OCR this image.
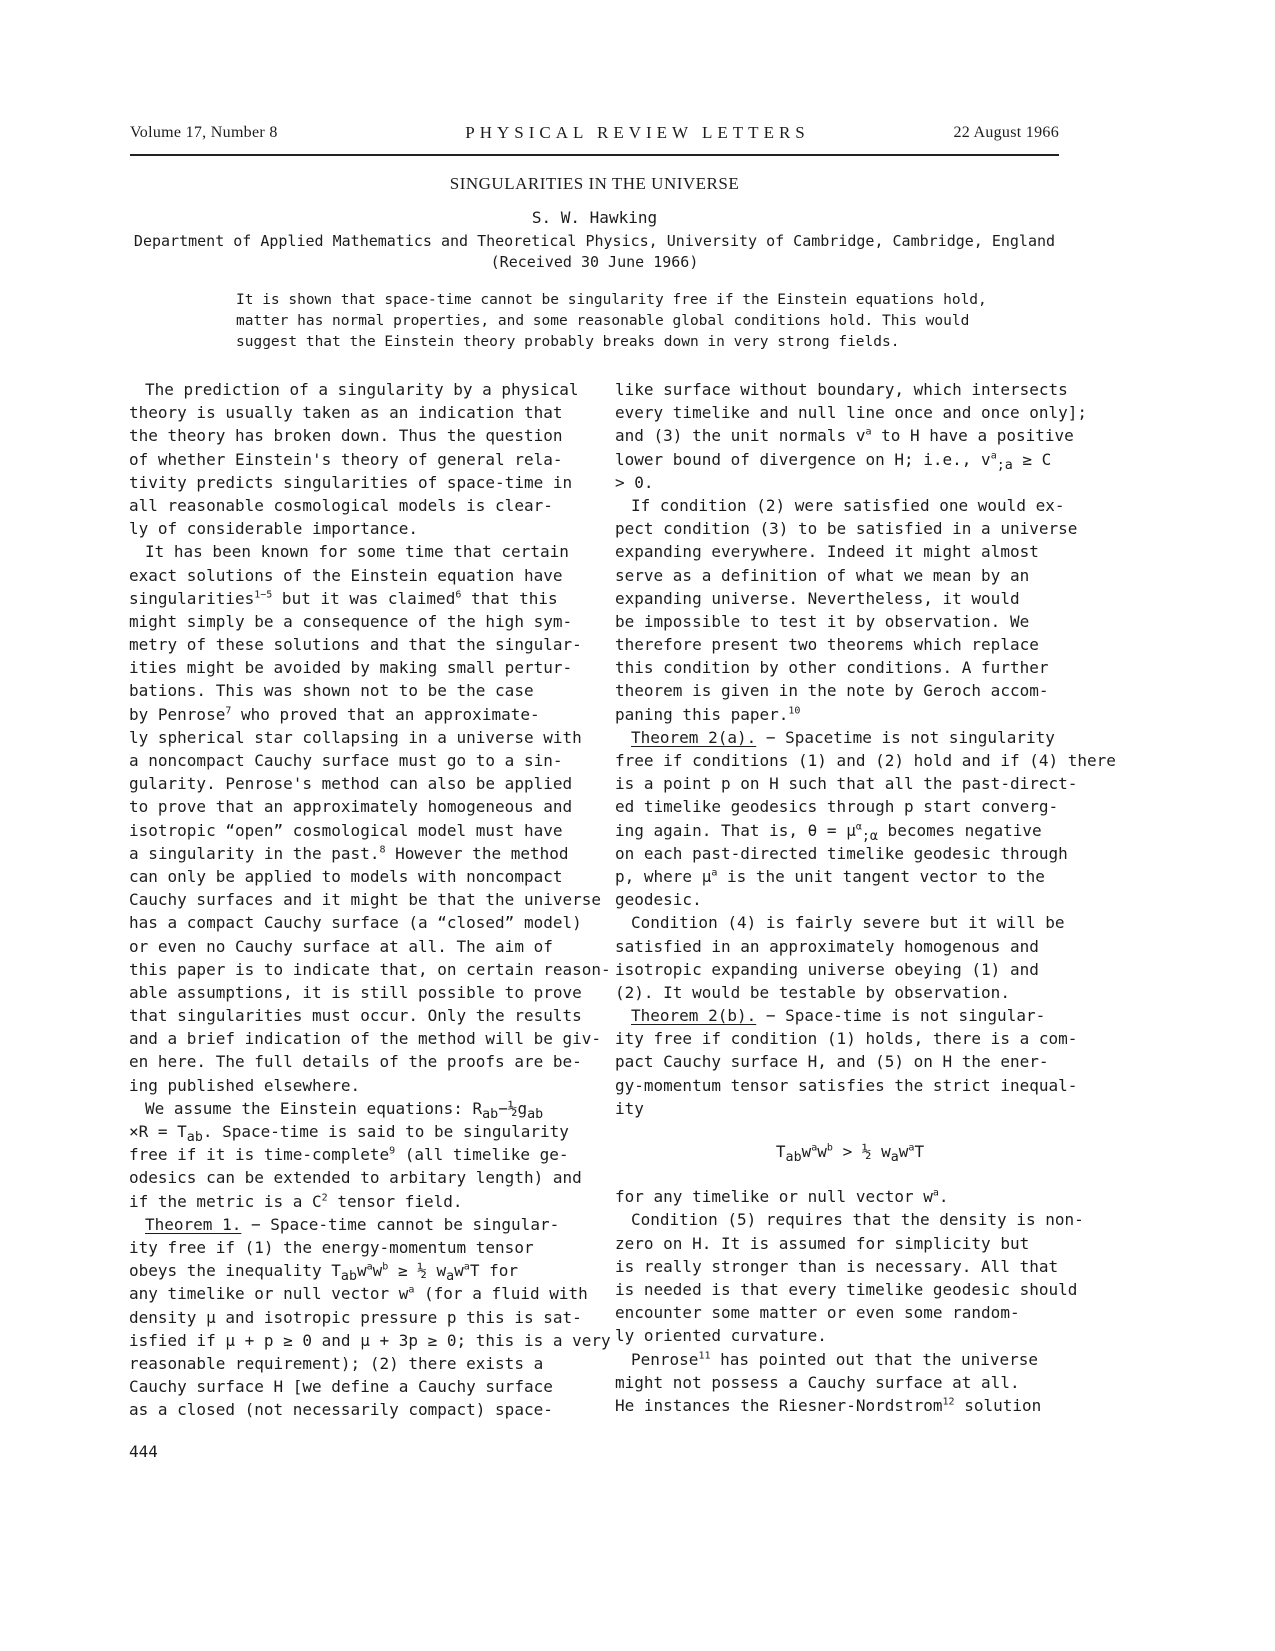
Volume 17, Number 8	PHYSICAL REVIEW LETTERS	22 August 1966
SINGULARITIES IN THE UNIVERSE
S. W. Hawking
Department of Applied Mathematics and Theoretical Physics, University of Cambridge, Cambridge, England
(Received 30 June 1966)
It is shown that space-time cannot be singularity free if the Einstein equations hold,
matter has normal properties, and some reasonable global conditions hold. This would
suggest that the Einstein theory probably breaks down in very strong fields.
The prediction of a singularity by a physical
theory is usually taken as an indication that
the theory has broken down. Thus the question
of whether Einstein's theory of general rela-
tivity predicts singularities of space-time in
all reasonable cosmological models is clear-
ly of considerable importance.
It has been known for some time that certain
exact solutions of the Einstein equation have
singularities$^{1-5}$ but it was claimed$^6$ that this
might simply be a consequence of the high sym-
metry of these solutions and that the singular-
ities might be avoided by making small pertur-
bations. This was shown not to be the case
by Penrose$^7$ who proved that an approximate-
ly spherical star collapsing in a universe with
a noncompact Cauchy surface must go to a sin-
gularity. Penrose's method can also be applied
to prove that an approximately homogeneous and
isotropic “open” cosmological model must have
a singularity in the past.$^8$ However the method
can only be applied to models with noncompact
Cauchy surfaces and it might be that the universe
has a compact Cauchy surface (a “closed” model)
or even no Cauchy surface at all. The aim of
this paper is to indicate that, on certain reason-
able assumptions, it is still possible to prove
that singularities must occur. Only the results
and a brief indication of the method will be giv-
en here. The full details of the proofs are be-
ing published elsewhere.
We assume the Einstein equations: $R_{ab}-\frac{1}{2}g_{ab}$
$\times R = T_{ab}$. Space-time is said to be singularity
free if it is time-complete$^9$ (all timelike ge-
odesics can be extended to arbitary length) and
if the metric is a $C^2$ tensor field.
Theorem 1. − Space-time cannot be singular-
ity free if (1) the energy-momentum tensor
obeys the inequality $T_{ab}w^aw^b$ ≥ ½ $w_aw^aT$ for
any timelike or null vector $w^a$ (for a fluid with
density μ and isotropic pressure p this is sat-
isfied if μ + p ≥ 0 and μ + 3p ≥ 0; this is a very
reasonable requirement); (2) there exists a
Cauchy surface H [we define a Cauchy surface
as a closed (not necessarily compact) space-
like surface without boundary, which intersects
every timelike and null line once and once only];
and (3) the unit normals $v^a$ to H have a positive
lower bound of divergence on H; i.e., $v^a_{;a} \ge C$
> 0.
If condition (2) were satisfied one would ex-
pect condition (3) to be satisfied in a universe
expanding everywhere. Indeed it might almost
serve as a definition of what we mean by an
expanding universe. Nevertheless, it would
be impossible to test it by observation. We
therefore present two theorems which replace
this condition by other conditions. A further
theorem is given in the note by Geroch accom-
paning this paper.$^{10}$
Theorem 2(a). − Spacetime is not singularity
free if conditions (1) and (2) hold and if (4) there
is a point p on H such that all the past-direct-
ed timelike geodesics through p start converg-
ing again. That is, $\theta = \mu^\alpha_{;\alpha}$ becomes negative
on each past-directed timelike geodesic through
p, where $\mu^a$ is the unit tangent vector to the
geodesic.
Condition (4) is fairly severe but it will be
satisfied in an approximately homogenous and
isotropic expanding universe obeying (1) and
(2). It would be testable by observation.
Theorem 2(b). − Space-time is not singular-
ity free if condition (1) holds, there is a com-
pact Cauchy surface H, and (5) on H the ener-
gy-momentum tensor satisfies the strict inequal-
ity
$T_{ab}w^aw^b$ > ½ $w_aw^aT$
for any timelike or null vector $w^a$.
Condition (5) requires that the density is non-
zero on H. It is assumed for simplicity but
is really stronger than is necessary. All that
is needed is that every timelike geodesic should
encounter some matter or even some random-
ly oriented curvature.
Penrose$^{11}$ has pointed out that the universe
might not possess a Cauchy surface at all.
He instances the Riesner-Nordstrom$^{12}$ solution
444
